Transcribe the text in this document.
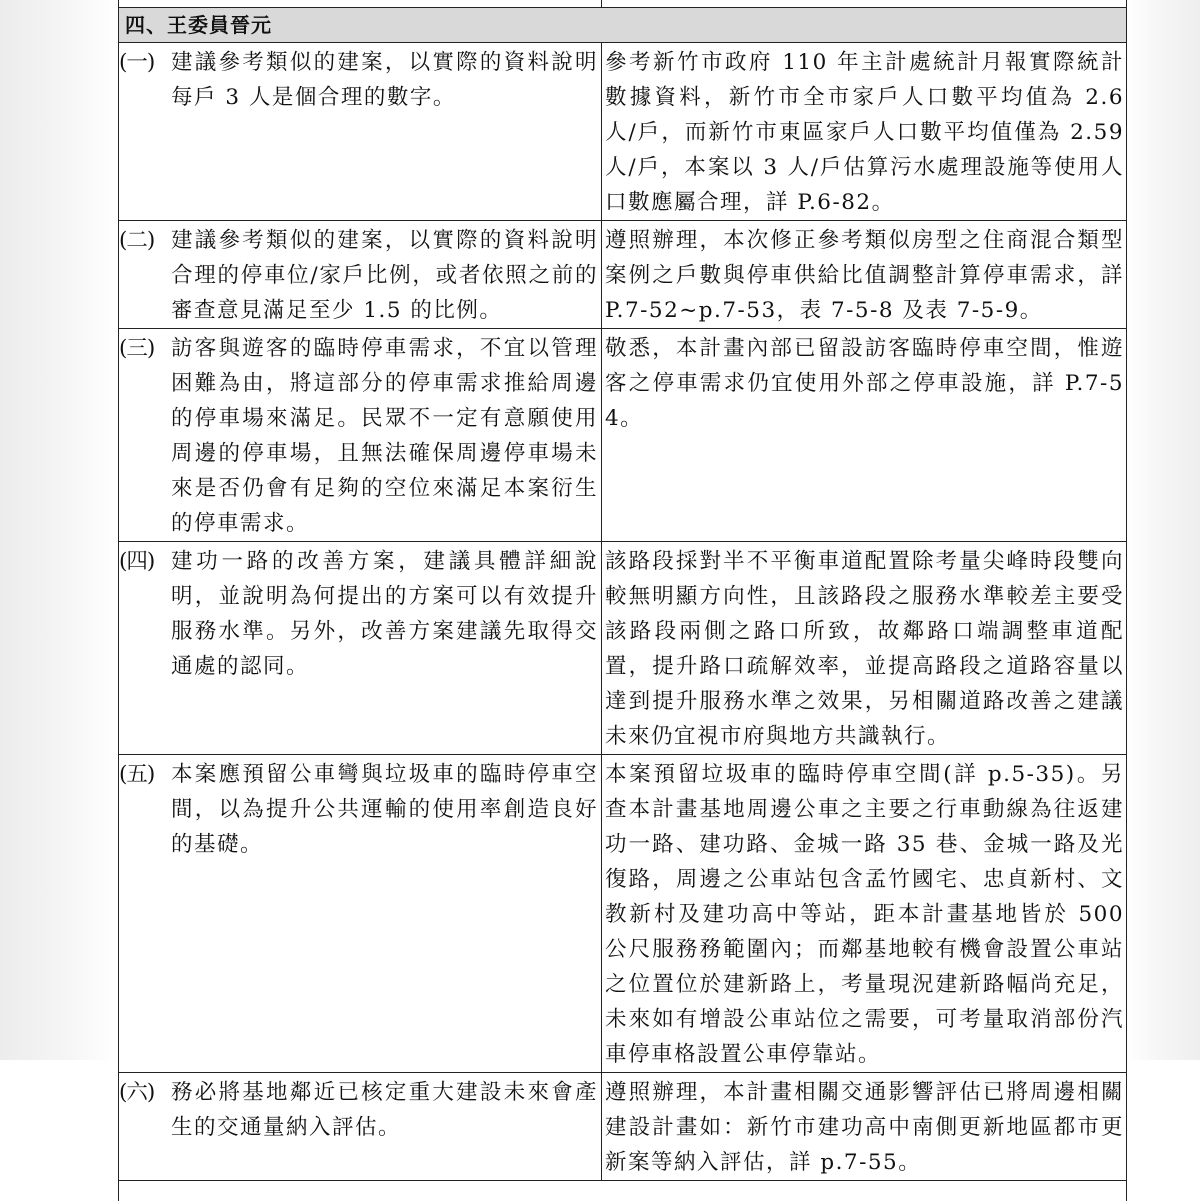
四、王委員晉元	

(一) 建議參考類似的建案，以實際的資料說明每戶 3 人是個合理的數字。	參考新竹市政府 110 年主計處統計月報實際統計數據資料，新竹市全市家戶人口數平均值為 2.6 人/戶，而新竹市東區家戶人口數平均值僅為 2.59 人/戶，本案以 3 人/戶估算污水處理設施等使用人口數應屬合理，詳 P.6-82。

(二) 建議參考類似的建案，以實際的資料說明合理的停車位/家戶比例，或者依照之前的審查意見滿足至少 1.5 的比例。	遵照辦理，本次修正參考類似房型之住商混合類型案例之戶數與停車供給比值調整計算停車需求，詳 P.7-52~p.7-53，表 7-5-8 及表 7-5-9。

(三) 訪客與遊客的臨時停車需求，不宜以管理困難為由，將這部分的停車需求推給周邊的停車場來滿足。民眾不一定有意願使用周邊的停車場，且無法確保周邊停車場未來是否仍會有足夠的空位來滿足本案衍生的停車需求。	敬悉，本計畫內部已留設訪客臨時停車空間，惟遊客之停車需求仍宜使用外部之停車設施，詳 P.7-54。

(四) 建功一路的改善方案，建議具體詳細說明，並說明為何提出的方案可以有效提升服務水準。另外，改善方案建議先取得交通處的認同。	該路段採對半不平衡車道配置除考量尖峰時段雙向較無明顯方向性，且該路段之服務水準較差主要受該路段兩側之路口所致，故鄰路口端調整車道配置，提升路口疏解效率，並提高路段之道路容量以達到提升服務水準之效果，另相關道路改善之建議未來仍宜視市府與地方共識執行。

(五) 本案應預留公車彎與垃圾車的臨時停車空間，以為提升公共運輸的使用率創造良好的基礎。	本案預留垃圾車的臨時停車空間(詳 p.5-35)。另查本計畫基地周邊公車之主要之行車動線為往返建功一路、建功路、金城一路 35 巷、金城一路及光復路，周邊之公車站包含孟竹國宅、忠貞新村、文教新村及建功高中等站，距本計畫基地皆於 500 公尺服務務範圍內；而鄰基地較有機會設置公車站之位置位於建新路上，考量現況建新路幅尚充足，未來如有增設公車站位之需要，可考量取消部份汽車停車格設置公車停靠站。

(六) 務必將基地鄰近已核定重大建設未來會產生的交通量納入評估。	遵照辦理，本計畫相關交通影響評估已將周邊相關建設計畫如：新竹市建功高中南側更新地區都市更新案等納入評估，詳 p.7-55。
